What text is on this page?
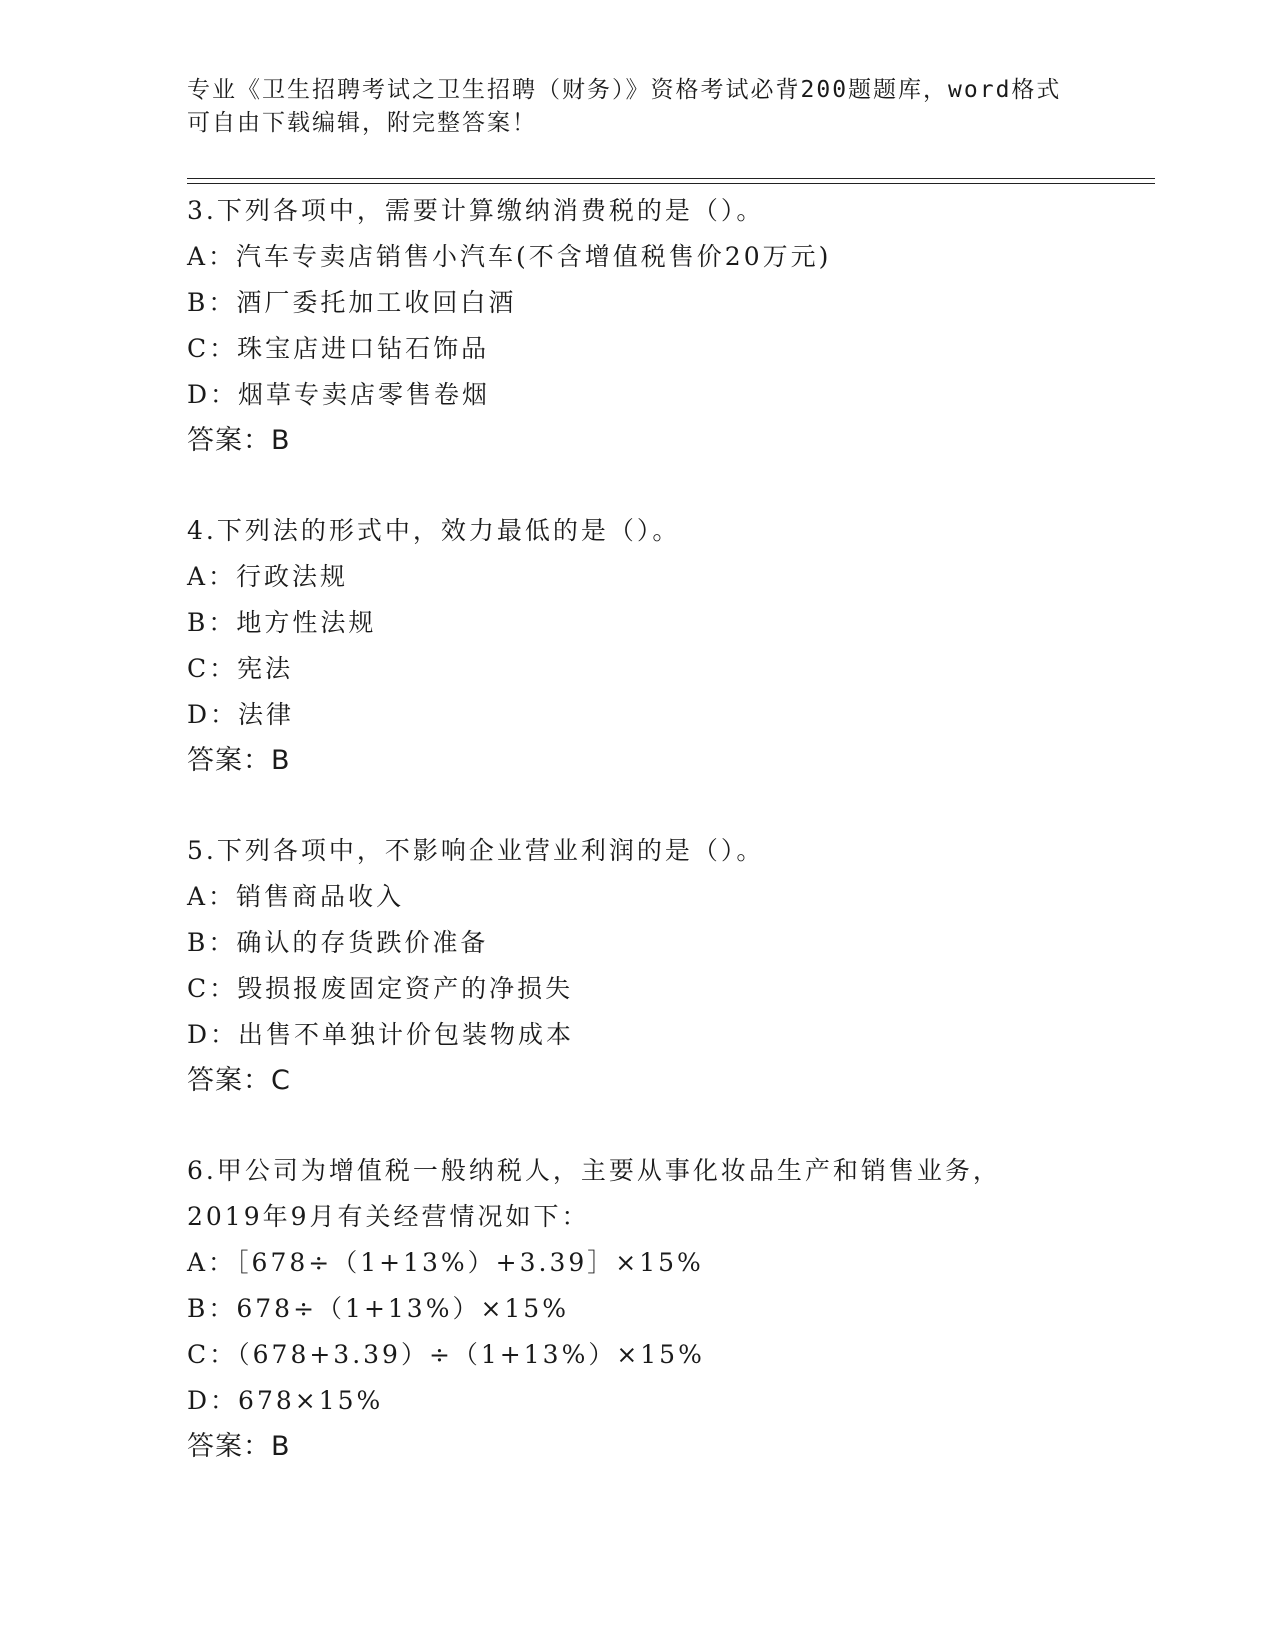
专业《卫生招聘考试之卫生招聘（财务）》资格考试必背200题题库，word格式
可自由下载编辑，附完整答案！
3.下列各项中，需要计算缴纳消费税的是（）。
A：汽车专卖店销售小汽车(不含增值税售价20万元)
B：酒厂委托加工收回白酒
C：珠宝店进口钻石饰品
D：烟草专卖店零售卷烟
答案：B
4.下列法的形式中，效力最低的是（）。
A：行政法规
B：地方性法规
C：宪法
D：法律
答案：B
5.下列各项中，不影响企业营业利润的是（）。
A：销售商品收入
B：确认的存货跌价准备
C：毁损报废固定资产的净损失
D：出售不单独计价包装物成本
答案：C
6.甲公司为增值税一般纳税人，主要从事化妆品生产和销售业务，
2019年9月有关经营情况如下：
A：［678÷（1+13%）+3.39］×15%
B：678÷（1+13%）×15%
C：（678+3.39）÷（1+13%）×15%
D：678×15%
答案：B
